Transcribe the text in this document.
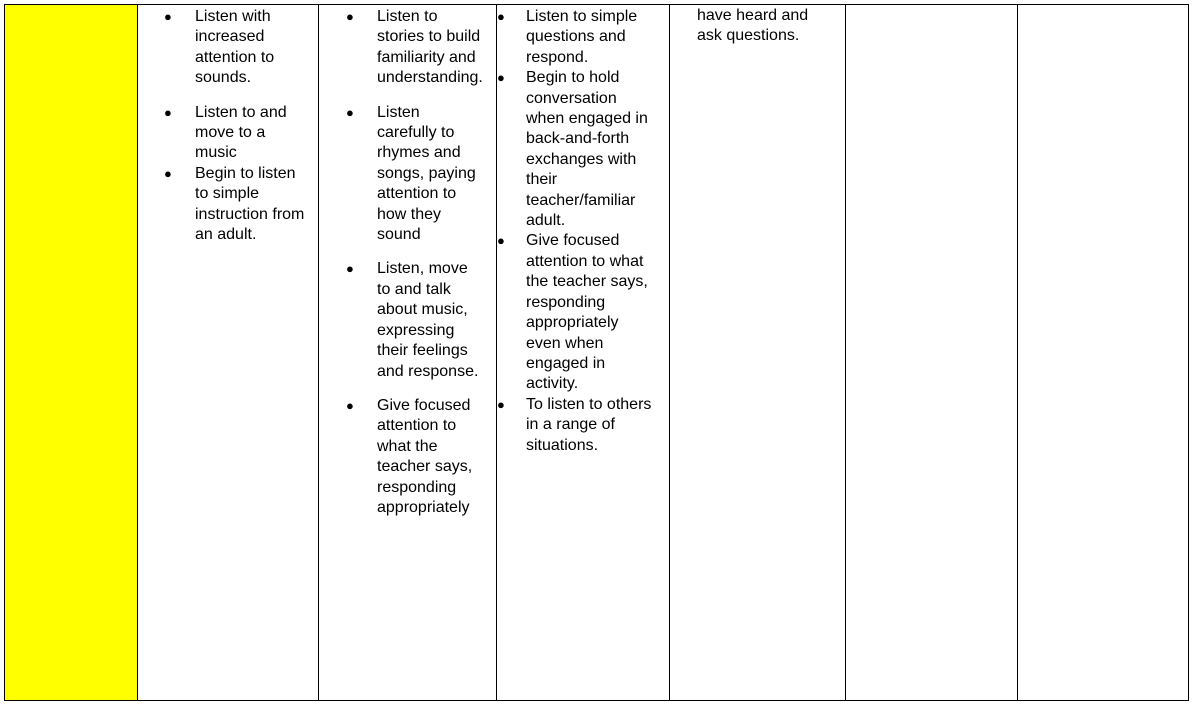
● Listen with
increased
attention to
sounds.
● Listen to and
move to a
music
● Begin to listen
to simple
instruction from
an adult.
● Listen to
stories to build
familiarity and
understanding.
● Listen
carefully to
rhymes and
songs, paying
attention to
how they
sound
● Listen, move
to and talk
about music,
expressing
their feelings
and response.
● Give focused
attention to
what the
teacher says,
responding
appropriately
● Listen to simple
questions and
respond.
● Begin to hold
conversation
when engaged in
back-and-forth
exchanges with
their
teacher/familiar
adult.
● Give focused
attention to what
the teacher says,
responding
appropriately
even when
engaged in
activity.
● To listen to others
in a range of
situations.
have heard and
ask questions.
